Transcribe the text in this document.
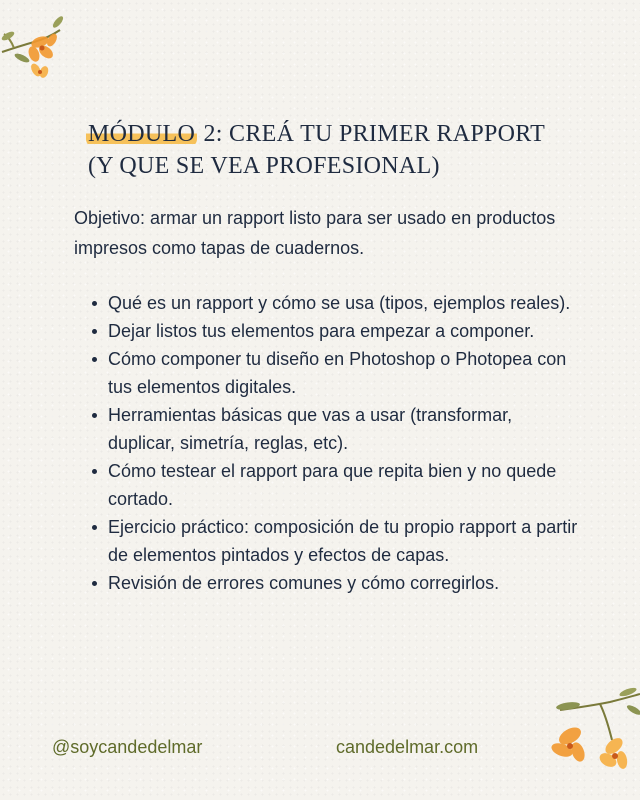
MÓDULO 2: CREÁ TU PRIMER RAPPORT
(Y QUE SE VEA PROFESIONAL)

Objetivo: armar un rapport listo para ser usado en productos impresos como tapas de cuadernos.

Qué es un rapport y cómo se usa (tipos, ejemplos reales).
Dejar listos tus elementos para empezar a componer.
Cómo componer tu diseño en Photoshop o Photopea con tus elementos digitales.
Herramientas básicas que vas a usar (transformar, duplicar, simetría, reglas, etc).
Cómo testear el rapport para que repita bien y no quede cortado.
Ejercicio práctico: composición de tu propio rapport a partir de elementos pintados y efectos de capas.
Revisión de errores comunes y cómo corregirlos.
@soycandedelmar	candedelmar.com
